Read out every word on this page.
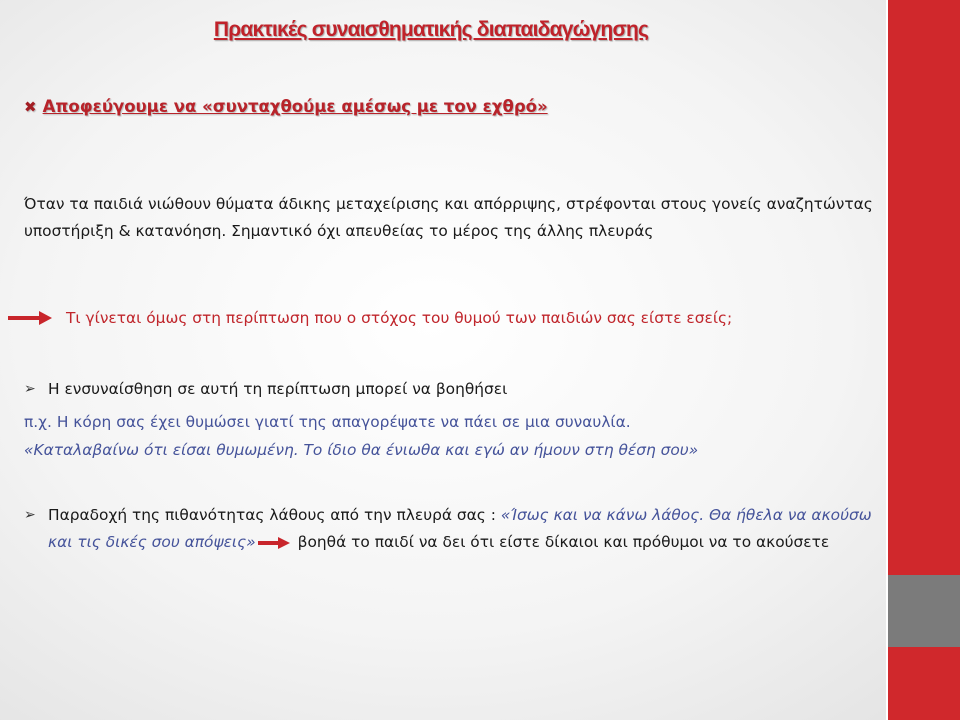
Πρακτικές συναισθηματικής διαπαιδαγώγησης
✖ Αποφεύγουμε να «συνταχθούμε αμέσως με τον εχθρό»

Όταν τα παιδιά νιώθουν θύματα άδικης μεταχείρισης και απόρριψης, στρέφονται στους γονείς αναζητώντας υποστήριξη & κατανόηση. Σημαντικό όχι απευθείας το μέρος της άλλης πλευράς

Τι γίνεται όμως στη περίπτωση που ο στόχος του θυμού των παιδιών σας είστε εσείς;
➢ Η ενσυναίσθηση σε αυτή τη περίπτωση μπορεί να βοηθήσει
π.χ. Η κόρη σας έχει θυμώσει γιατί της απαγορέψατε να πάει σε μια συναυλία.
«Καταλαβαίνω ότι είσαι θυμωμένη. Το ίδιο θα ένιωθα και εγώ αν ήμουν στη θέση σου»
➢ Παραδοχή της πιθανότητας λάθους από την πλευρά σας : «Ίσως και να κάνω λάθος. Θα ήθελα να ακούσω και τις δικές σου απόψεις»	βοηθά το παιδί να δει ότι είστε δίκαιοι και πρόθυμοι να το ακούσετε
